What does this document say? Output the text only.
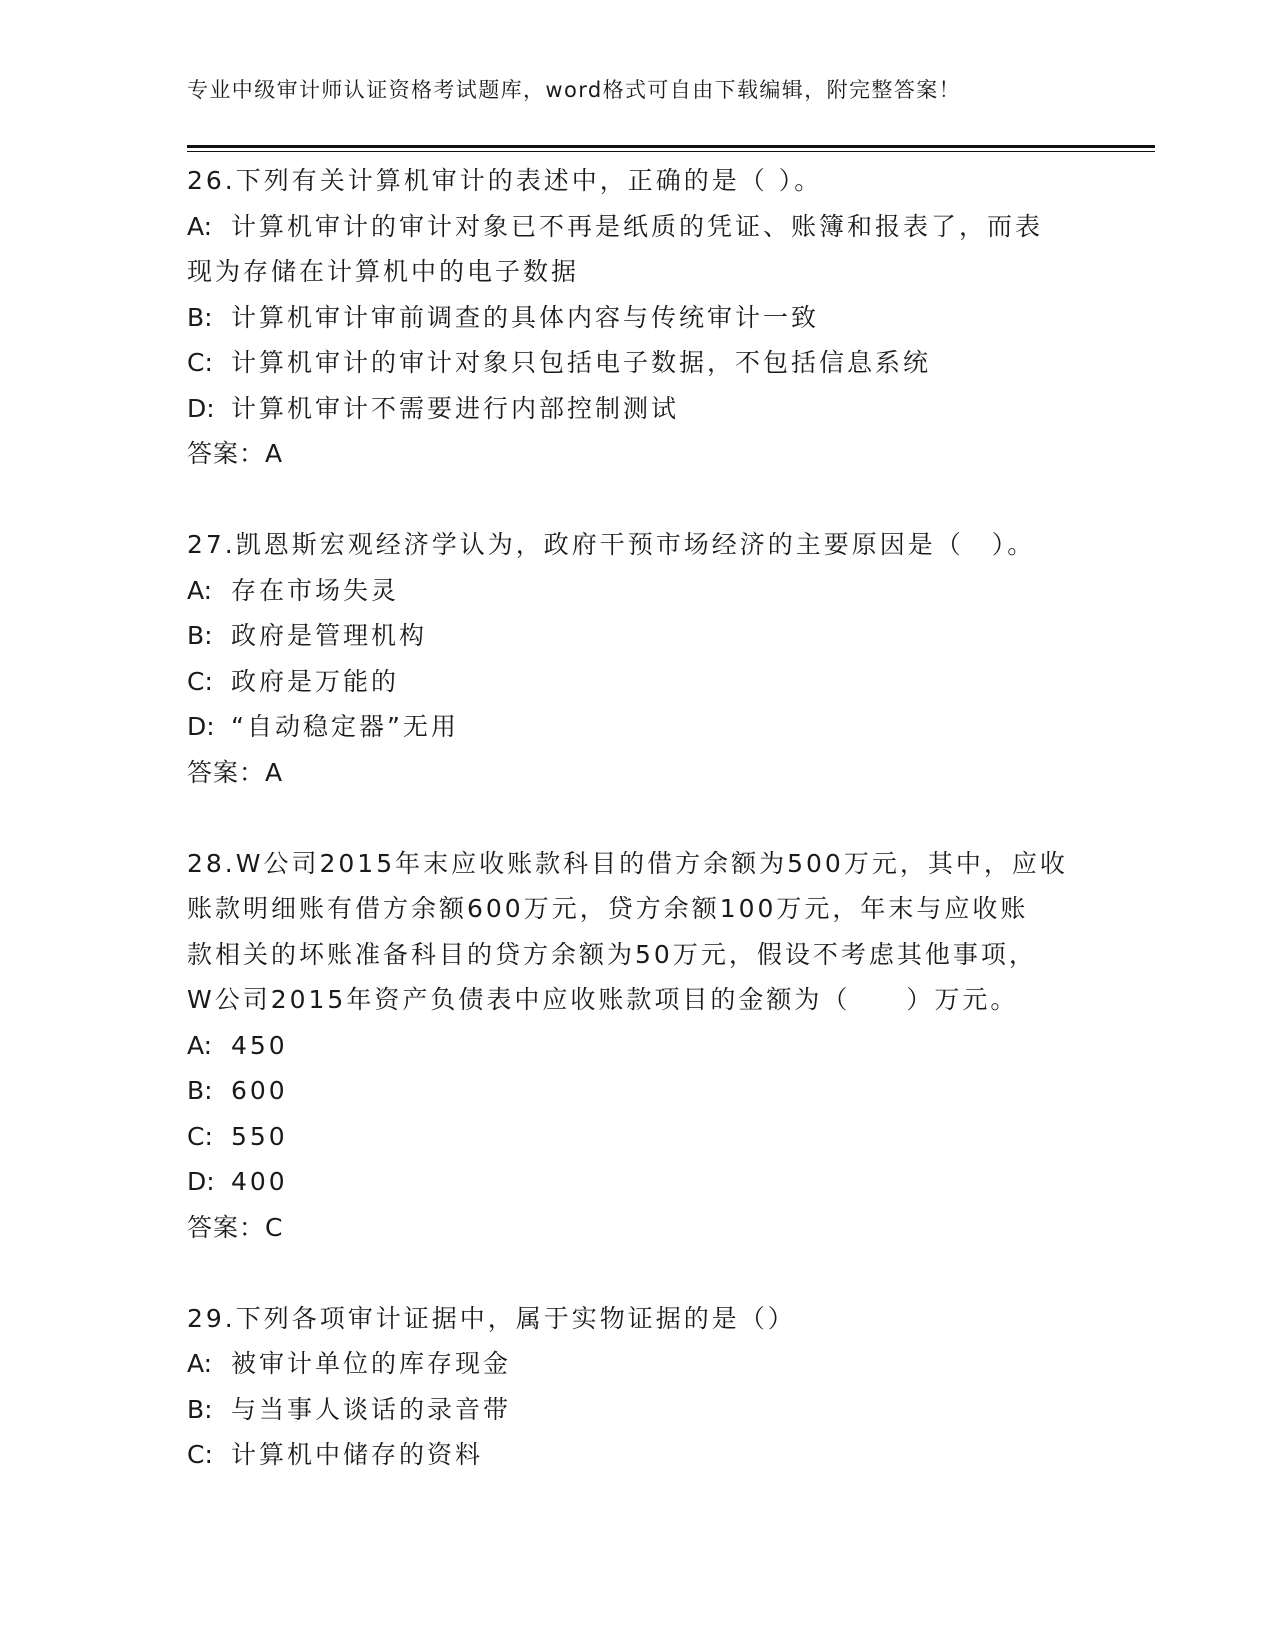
专业中级审计师认证资格考试题库，word格式可自由下载编辑，附完整答案！
26.下列有关计算机审计的表述中，正确的是（ ）。
A: 计算机审计的审计对象已不再是纸质的凭证、账簿和报表了，而表
现为存储在计算机中的电子数据
B: 计算机审计审前调查的具体内容与传统审计一致
C: 计算机审计的审计对象只包括电子数据，不包括信息系统
D: 计算机审计不需要进行内部控制测试
答案：A
27.凯恩斯宏观经济学认为，政府干预市场经济的主要原因是（　）。
A: 存在市场失灵
B: 政府是管理机构
C: 政府是万能的
D: “自动稳定器”无用
答案：A
28.W公司2015年末应收账款科目的借方余额为500万元，其中，应收
账款明细账有借方余额600万元，贷方余额100万元，年末与应收账
款相关的坏账准备科目的贷方余额为50万元，假设不考虑其他事项，
W公司2015年资产负债表中应收账款项目的金额为（　　）万元。
A: 450
B: 600
C: 550
D: 400
答案：C
29.下列各项审计证据中，属于实物证据的是（）
A: 被审计单位的库存现金
B: 与当事人谈话的录音带
C: 计算机中储存的资料
